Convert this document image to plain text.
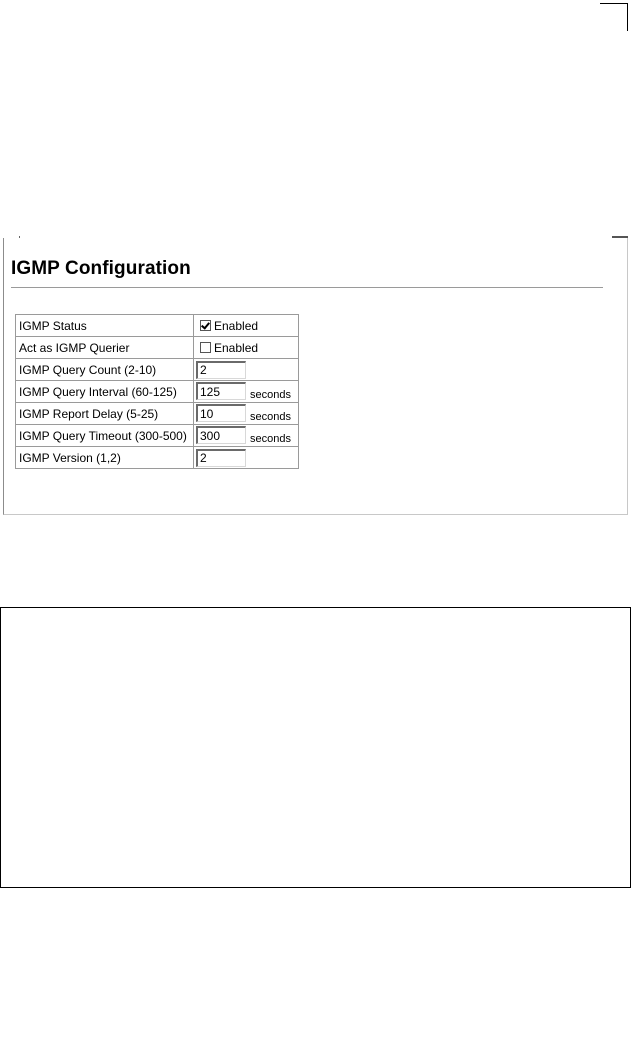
IGMP Configuration
IGMP Status	Enabled
Act as IGMP Querier	Enabled
IGMP Query Count (2-10)	2
IGMP Query Interval (60-125)	125seconds
IGMP Report Delay (5-25)	10seconds
IGMP Query Timeout (300-500)	300seconds
IGMP Version (1,2)	2
